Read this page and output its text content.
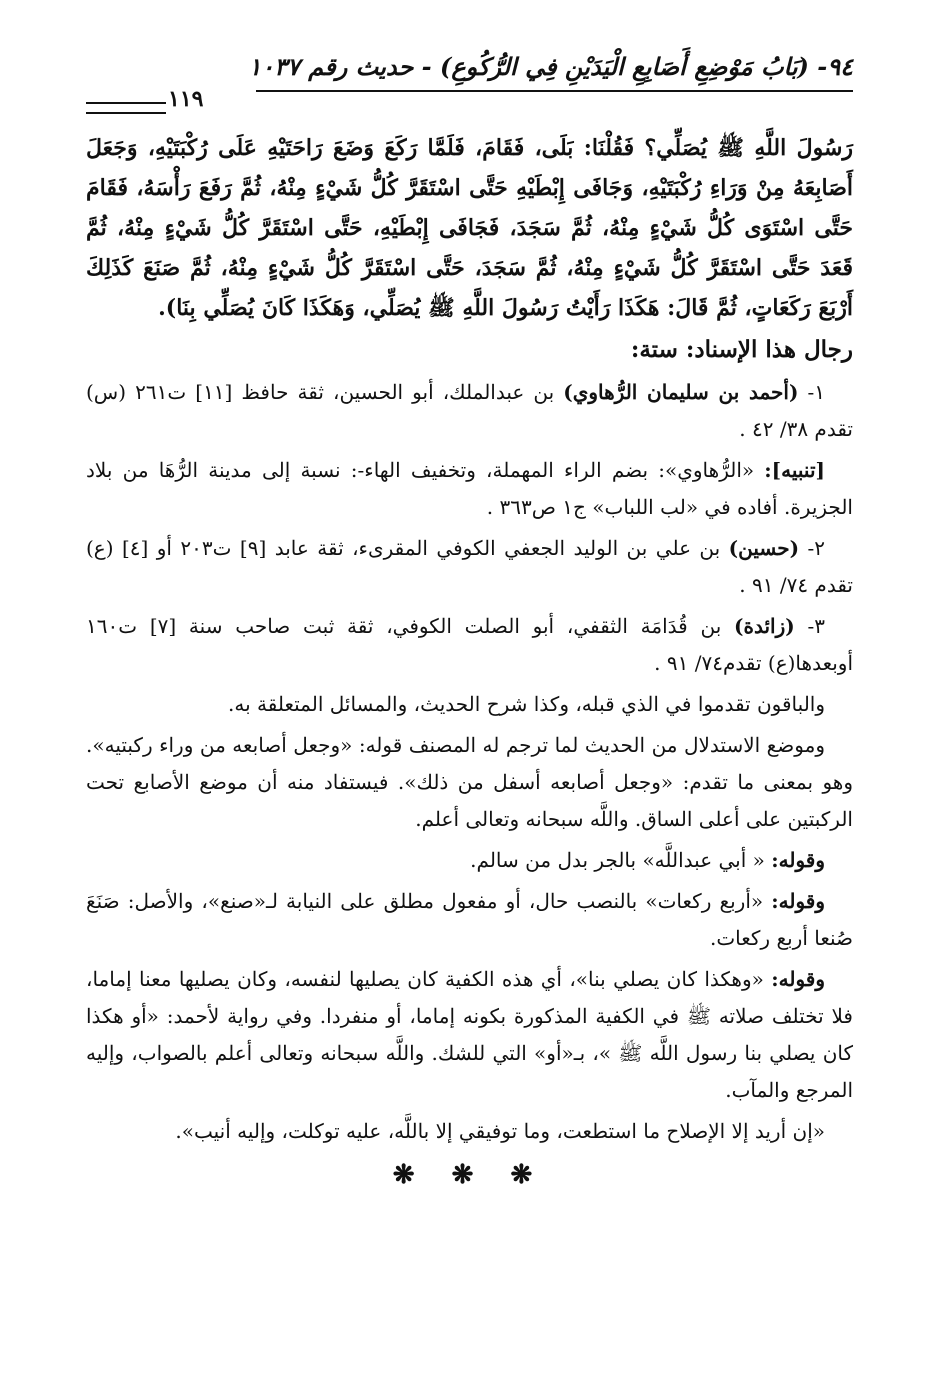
٩٤- (بَابُ مَوْضِعِ أَصَابِعِ الْيَدَيْنِ فِي الرُّكُوعِ) - حديث رقم ١٠٣٧
١١٩
رَسُولَ اللَّهِ ﷺ يُصَلِّي؟ فَقُلْنَا: بَلَى، فَقَامَ، فَلَمَّا رَكَعَ وَضَعَ رَاحَتَيْهِ عَلَى رُكْبَتَيْهِ، وَجَعَلَ أَصَابِعَهُ مِنْ وَرَاءِ رُكْبَتَيْهِ، وَجَافَى إِبْطَيْهِ حَتَّى اسْتَقَرَّ كُلُّ شَيْءٍ مِنْهُ، ثُمَّ رَفَعَ رَأْسَهُ، فَقَامَ حَتَّى اسْتَوَى كُلُّ شَيْءٍ مِنْهُ، ثُمَّ سَجَدَ، فَجَافَى إِبْطَيْهِ، حَتَّى اسْتَقَرَّ كُلُّ شَيْءٍ مِنْهُ، ثُمَّ قَعَدَ حَتَّى اسْتَقَرَّ كُلُّ شَيْءٍ مِنْهُ، ثُمَّ سَجَدَ، حَتَّى اسْتَقَرَّ كُلُّ شَيْءٍ مِنْهُ، ثُمَّ صَنَعَ كَذَلِكَ أَرْبَعَ رَكَعَاتٍ، ثُمَّ قَالَ: هَكَذَا رَأَيْتُ رَسُولَ اللَّهِ ﷺ يُصَلِّي، وَهَكَذَا كَانَ يُصَلِّي بِنَا).
رجال هذا الإسناد: ستة:

١- (أحمد بن سليمان الرُّهاوي) بن عبدالملك، أبو الحسين، ثقة حافظ [١١] ت٢٦١ (س) تقدم ٣٨/ ٤٢ .

[تنبيه]: «الرُّهاوي»: بضم الراء المهملة، وتخفيف الهاء-: نسبة إلى مدينة الرُّهَا من بلاد الجزيرة. أفاده في «لب اللباب» ج١ ص٣٦٣ .

٢- (حسين) بن علي بن الوليد الجعفي الكوفي المقرىء، ثقة عابد [٩] ت٢٠٣ أو [٤] (ع) تقدم ٧٤/ ٩١ .

٣- (زائدة) بن قُدَامَة الثقفي، أبو الصلت الكوفي، ثقة ثبت صاحب سنة [٧] ت١٦٠ أوبعدها(ع) تقدم٧٤/ ٩١ .

والباقون تقدموا في الذي قبله، وكذا شرح الحديث، والمسائل المتعلقة به.

وموضع الاستدلال من الحديث لما ترجم له المصنف قوله: «وجعل أصابعه من وراء ركبتيه». وهو بمعنى ما تقدم: «وجعل أصابعه أسفل من ذلك». فيستفاد منه أن موضع الأصابع تحت الركبتين على أعلى الساق. واللَّه سبحانه وتعالى أعلم.

وقوله: « أبي عبداللَّه» بالجر بدل من سالم.

وقوله: «أربع ركعات» بالنصب حال، أو مفعول مطلق على النيابة لـ«صنع»، والأصل: صَنَعَ صُنعا أربع ركعات.

وقوله: «وهكذا كان يصلي بنا»، أي هذه الكفية كان يصليها لنفسه، وكان يصليها معنا إماما، فلا تختلف صلاته ﷺ في الكفية المذكورة بكونه إماما، أو منفردا. وفي رواية لأحمد: «أو هكذا كان يصلي بنا رسول اللَّه ﷺ »، بـ«أو» التي للشك. واللَّه سبحانه وتعالى أعلم بالصواب، وإليه المرجع والمآب.

«إن أريد إلا الإصلاح ما استطعت، وما توفيقي إلا باللَّه، عليه توكلت، وإليه أنيب».

❋ ❋ ❋
